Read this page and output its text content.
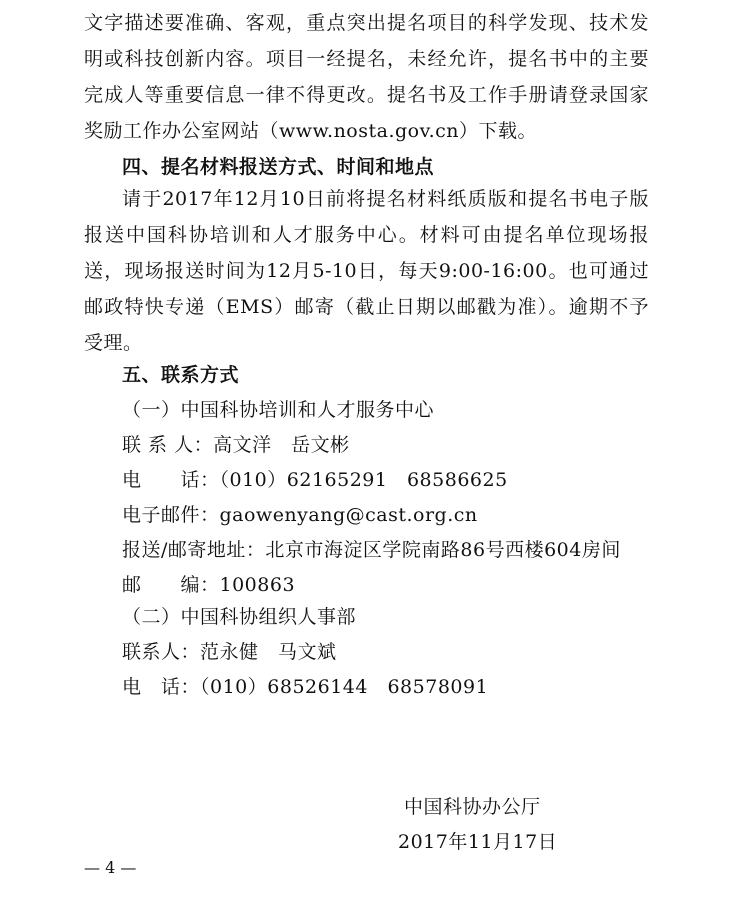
文字描述要准确、客观，重点突出提名项目的科学发现、技术发
明或科技创新内容。项目一经提名，未经允许，提名书中的主要
完成人等重要信息一律不得更改。提名书及工作手册请登录国家
奖励工作办公室网站（www.nosta.gov.cn）下载。
四、提名材料报送方式、时间和地点
请于2017年12月10日前将提名材料纸质版和提名书电子版
报送中国科协培训和人才服务中心。材料可由提名单位现场报
送，现场报送时间为12月5-10日，每天9:00-16:00。也可通过
邮政特快专递（EMS）邮寄（截止日期以邮戳为准）。逾期不予
受理。
五、联系方式
（一）中国科协培训和人才服务中心
联 系 人：高文洋　岳文彬
电　　话：（010）62165291　68586625
电子邮件：gaowenyang@cast.org.cn
报送/邮寄地址：北京市海淀区学院南路86号西楼604房间
邮　　编：100863
（二）中国科协组织人事部
联系人：范永健　马文斌
电　话：（010）68526144　68578091
中国科协办公厅
2017年11月17日
— 4 —
